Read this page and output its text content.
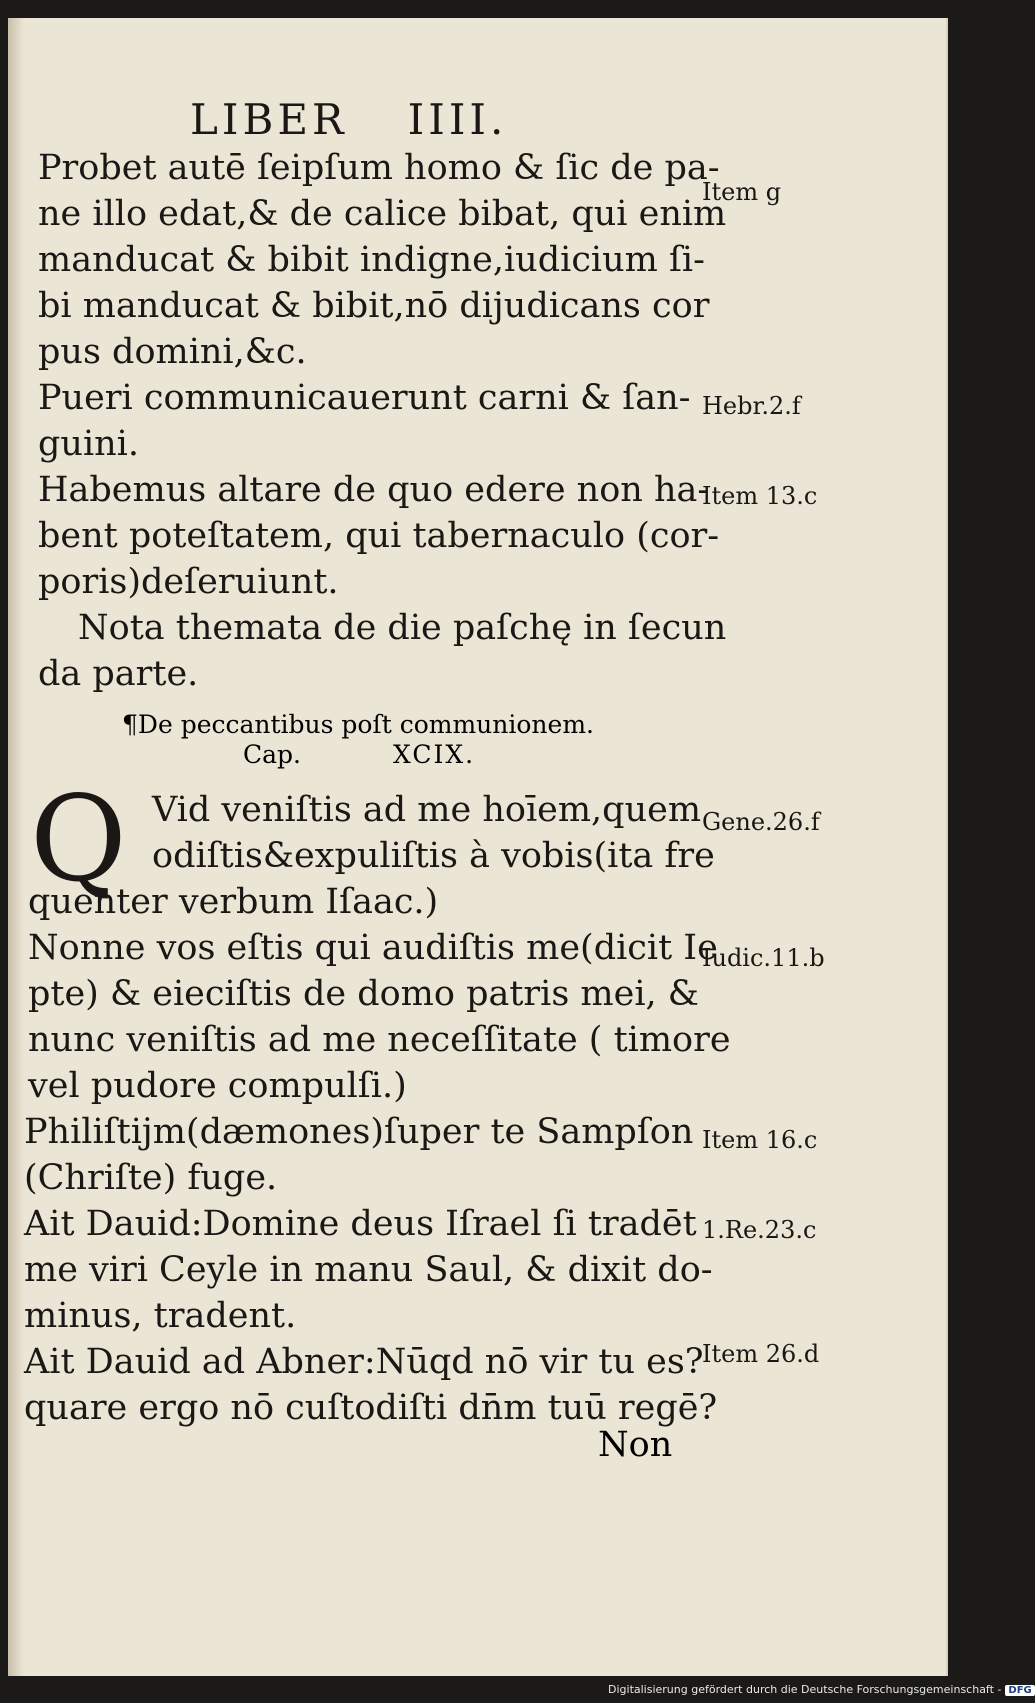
LIBER IIII.
Probet autē ſeipſum homo & ſic de pa-
ne illo edat,& de calice bibat, qui enim
manducat & bibit indigne,iudicium ſi-
bi manducat & bibit,nō dijudicans cor
pus domini,&c.
Pueri communicauerunt carni & ſan-
guini.
Habemus altare de quo edere non ha-
bent poteſtatem, qui tabernaculo (cor-
poris)deſeruiunt.
Nota themata de die paſchę in ſecun
da parte.
¶De peccantibus poſt communionem.
Cap.	XCIX.
Q Vid veniſtis ad me hoīem,quem
odiſtis&expuliſtis à vobis(ita fre
quenter verbum Iſaac.)
Nonne vos eſtis qui audiſtis me(dicit Ie
pte) & eieciſtis de domo patris mei, &
nunc veniſtis ad me neceſſitate ( timore
vel pudore compulſi.)
Philiſtijm(dæmones)ſuper te Sampſon
(Chriſte) fuge.
Ait Dauid:Domine deus Iſrael ſi tradēt
me viri Ceyle in manu Saul, & dixit do-
minus, tradent.
Ait Dauid ad Abner:Nūqd nō vir tu es?
quare ergo nō cuſtodiſti dn̄m tuū regē?
Non
Item g
Hebr.2.f
Item 13.c
Gene.26.f
Iudic.11.b
Item 16.c
1.Re.23.c
Item 26.d
Digitalisierung gefördert durch die Deutsche Forschungsgemeinschaft - DFG
